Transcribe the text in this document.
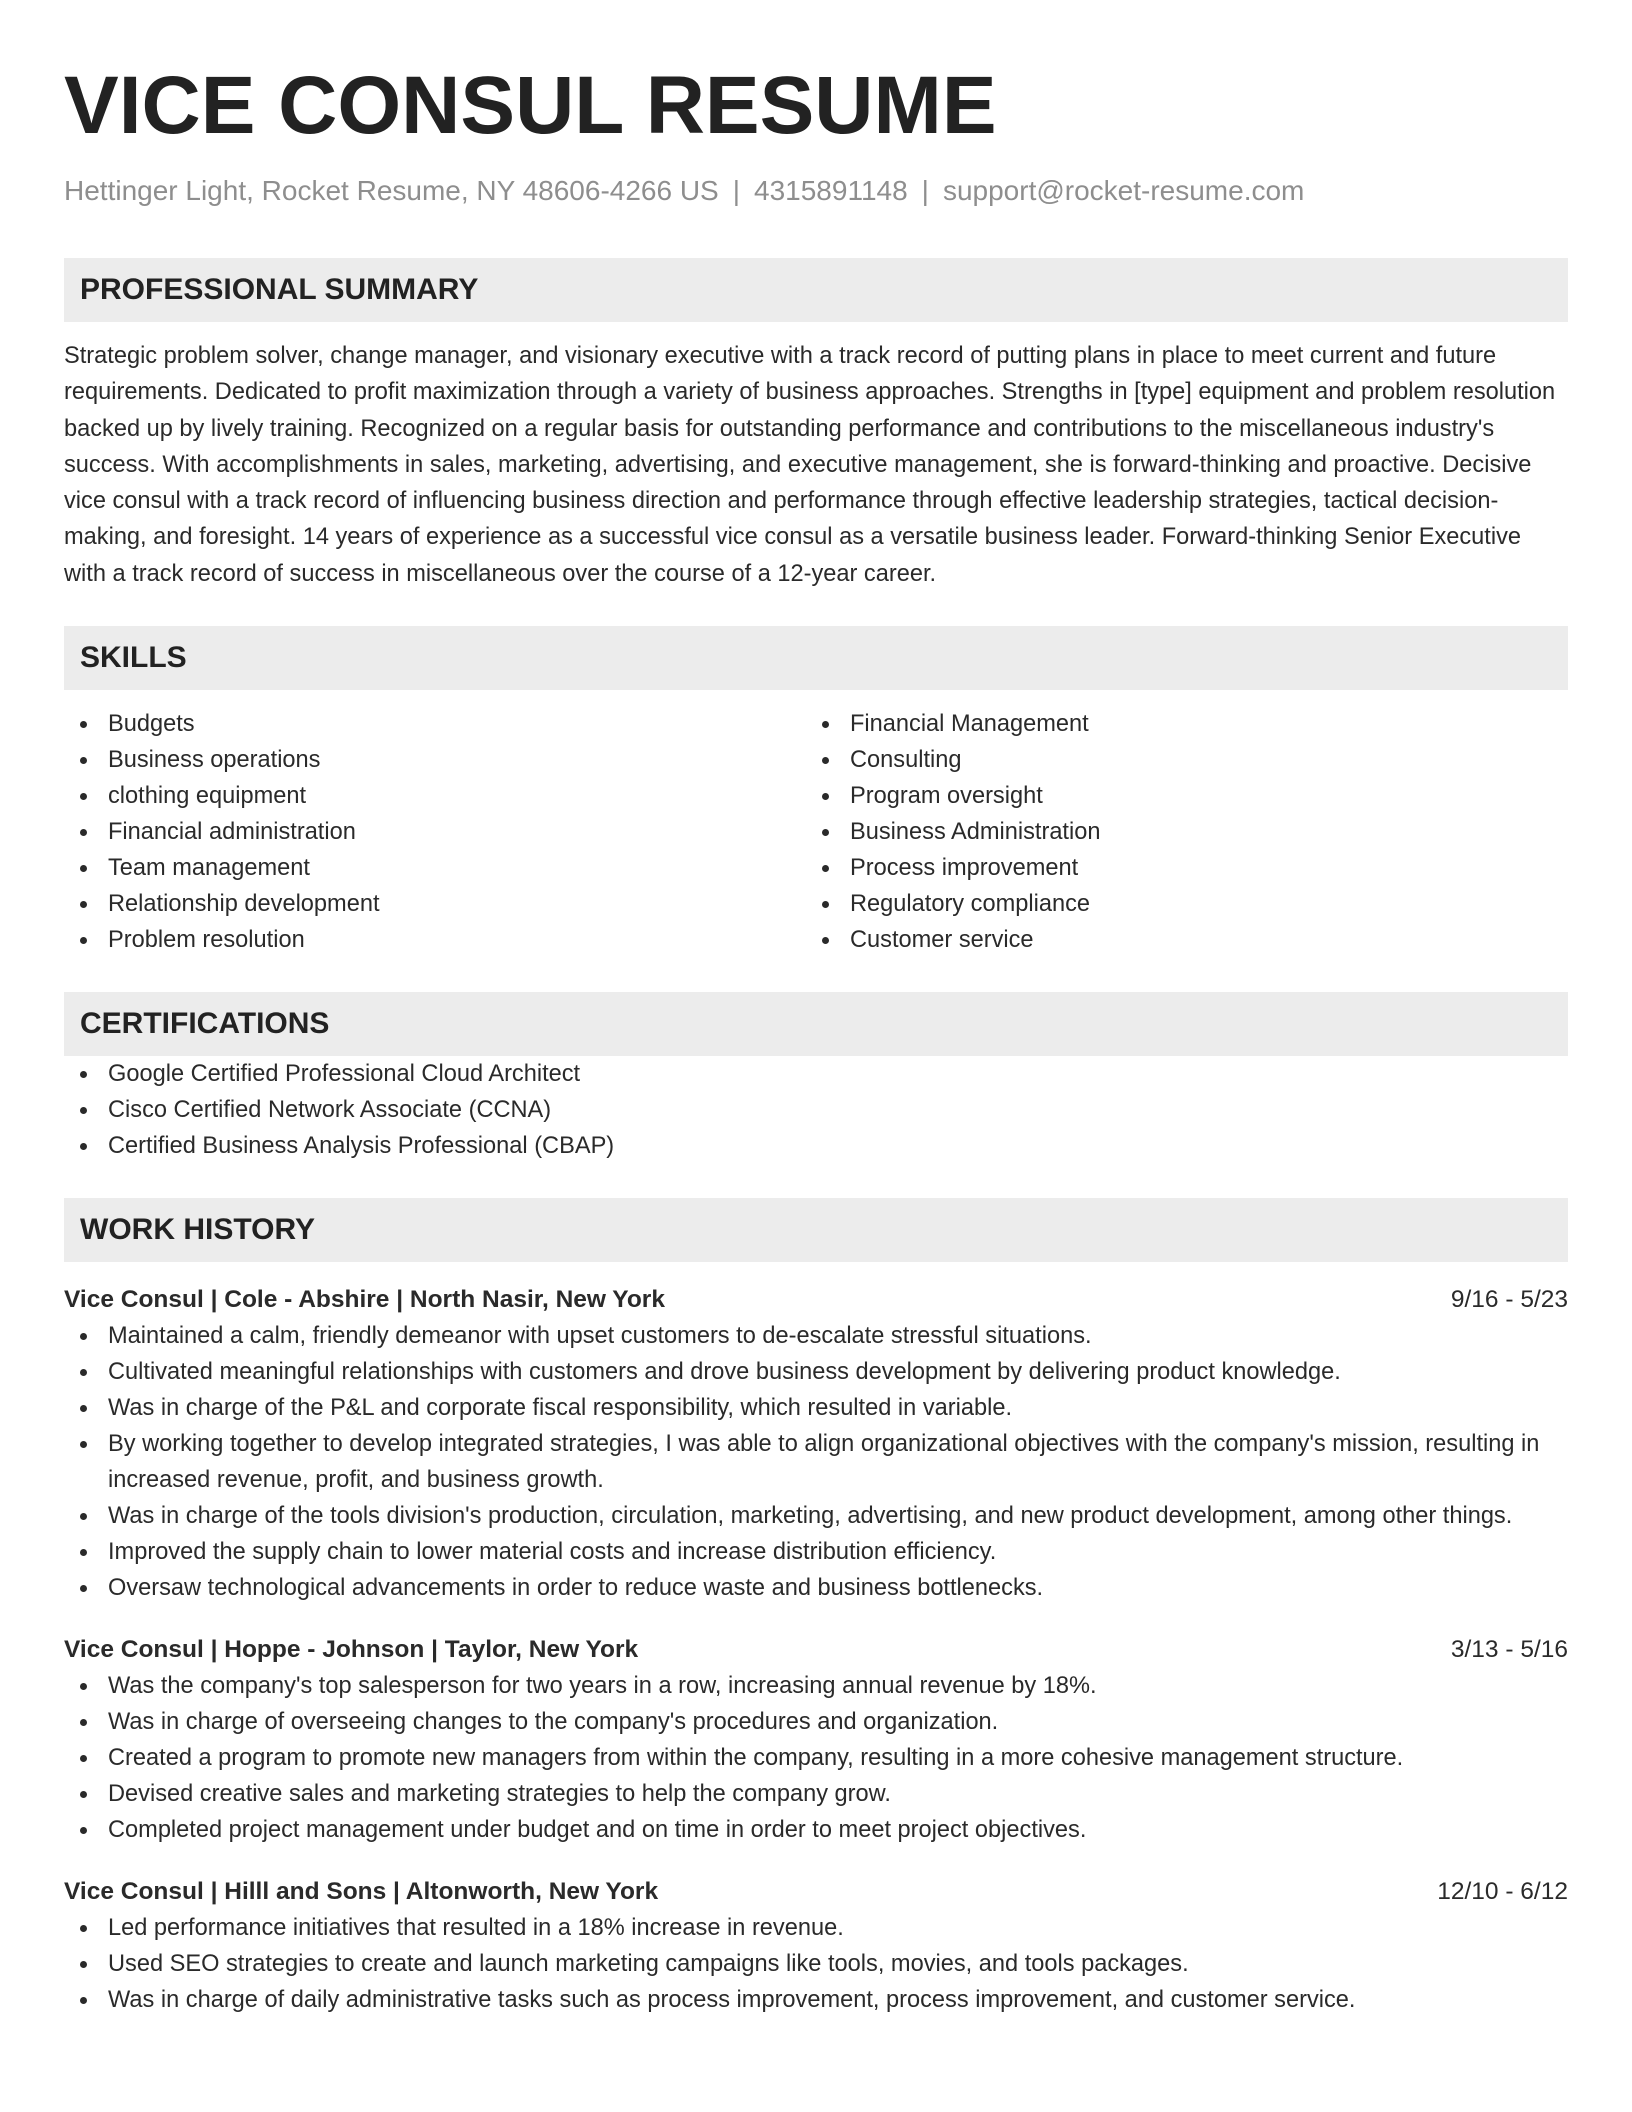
VICE CONSUL RESUME
Hettinger Light, Rocket Resume, NY 48606-4266 US | 4315891148 | support@rocket-resume.com
PROFESSIONAL SUMMARY

Strategic problem solver, change manager, and visionary executive with a track record of putting plans in place to meet current and future requirements. Dedicated to profit maximization through a variety of business approaches. Strengths in [type] equipment and problem resolution backed up by lively training. Recognized on a regular basis for outstanding performance and contributions to the miscellaneous industry's success. With accomplishments in sales, marketing, advertising, and executive management, she is forward-thinking and proactive. Decisive vice consul with a track record of influencing business direction and performance through effective leadership strategies, tactical decision-making, and foresight. 14 years of experience as a successful vice consul as a versatile business leader. Forward-thinking Senior Executive with a track record of success in miscellaneous over the course of a 12-year career.

SKILLS
Budgets
Business operations
clothing equipment
Financial administration
Team management
Relationship development
Problem resolution
Financial Management
Consulting
Program oversight
Business Administration
Process improvement
Regulatory compliance
Customer service
CERTIFICATIONS
Google Certified Professional Cloud Architect
Cisco Certified Network Associate (CCNA)
Certified Business Analysis Professional (CBAP)
WORK HISTORY
Vice Consul | Cole - Abshire | North Nasir, New York	9/16 - 5/23
Maintained a calm, friendly demeanor with upset customers to de-escalate stressful situations.
Cultivated meaningful relationships with customers and drove business development by delivering product knowledge.
Was in charge of the P&L and corporate fiscal responsibility, which resulted in variable.
By working together to develop integrated strategies, I was able to align organizational objectives with the company's mission, resulting in increased revenue, profit, and business growth.
Was in charge of the tools division's production, circulation, marketing, advertising, and new product development, among other things.
Improved the supply chain to lower material costs and increase distribution efficiency.
Oversaw technological advancements in order to reduce waste and business bottlenecks.
Vice Consul | Hoppe - Johnson | Taylor, New York	3/13 - 5/16
Was the company's top salesperson for two years in a row, increasing annual revenue by 18%.
Was in charge of overseeing changes to the company's procedures and organization.
Created a program to promote new managers from within the company, resulting in a more cohesive management structure.
Devised creative sales and marketing strategies to help the company grow.
Completed project management under budget and on time in order to meet project objectives.
Vice Consul | Hilll and Sons | Altonworth, New York	12/10 - 6/12
Led performance initiatives that resulted in a 18% increase in revenue.
Used SEO strategies to create and launch marketing campaigns like tools, movies, and tools packages.
Was in charge of daily administrative tasks such as process improvement, process improvement, and customer service.
